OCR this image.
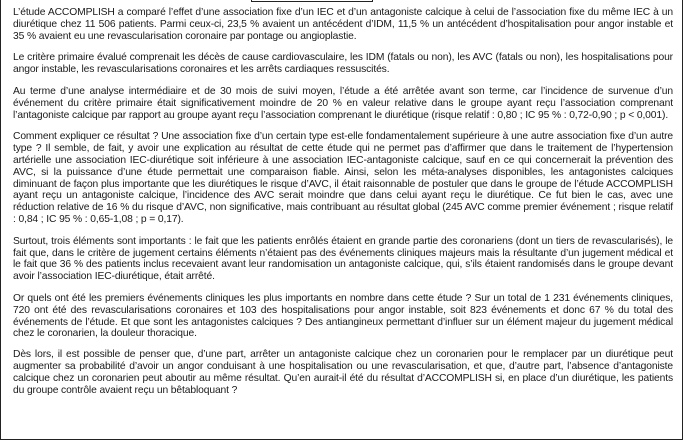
L’étude ACCOMPLISH a comparé l’effet d’une association fixe d’un IEC et d’un antagoniste calcique à celui de l’association fixe du même IEC à un diurétique chez 11 506 patients. Parmi ceux-ci, 23,5 % avaient un antécédent d’IDM, 11,5 % un antécédent d’hospitalisation pour angor instable et 35 % avaient eu une revascularisation coronaire par pontage ou angioplastie.

Le critère primaire évalué comprenait les décès de cause cardiovasculaire, les IDM (fatals ou non), les AVC (fatals ou non), les hospitalisations pour angor instable, les revascularisations coronaires et les arrêts cardiaques ressuscités.

Au terme d’une analyse intermédiaire et de 30 mois de suivi moyen, l’étude a été arrêtée avant son terme, car l’incidence de survenue d’un événement du critère primaire était significativement moindre de 20 % en valeur relative dans le groupe ayant reçu l’association comprenant l’antagoniste calcique par rapport au groupe ayant reçu l’association comprenant le diurétique (risque relatif : 0,80 ; IC 95 % : 0,72-0,90 ; p < 0,001).

Comment expliquer ce résultat ? Une association fixe d’un certain type est-elle fondamentalement supérieure à une autre association fixe d’un autre type ? Il semble, de fait, y avoir une explication au résultat de cette étude qui ne permet pas d’affirmer que dans le traitement de l’hypertension artérielle une association IEC-diurétique soit inférieure à une association IEC-antagoniste calcique, sauf en ce qui concernerait la prévention des AVC, si la puissance d’une étude permettait une comparaison fiable. Ainsi, selon les méta-analyses disponibles, les antagonistes calciques diminuant de façon plus importante que les diurétiques le risque d’AVC, il était raisonnable de postuler que dans le groupe de l’étude ACCOMPLISH ayant reçu un antagoniste calcique, l’incidence des AVC serait moindre que dans celui ayant reçu le diurétique. Ce fut bien le cas, avec une réduction relative de 16 % du risque d’AVC, non significative, mais contribuant au résultat global (245 AVC comme premier événement ; risque relatif : 0,84 ; IC 95 % : 0,65-1,08 ; p = 0,17).

Surtout, trois éléments sont importants : le fait que les patients enrôlés étaient en grande partie des coronariens (dont un tiers de revascularisés), le fait que, dans le critère de jugement certains éléments n’étaient pas des événements cliniques majeurs mais la résultante d’un jugement médical et le fait que 36 % des patients inclus recevaient avant leur randomisation un antagoniste calcique, qui, s’ils étaient randomisés dans le groupe devant avoir l’association IEC-diurétique, était arrêté.

Or quels ont été les premiers événements cliniques les plus importants en nombre dans cette étude ? Sur un total de 1 231 événements cliniques, 720 ont été des revascularisations coronaires et 103 des hospitalisations pour angor instable, soit 823 événements et donc 67 % du total des événements de l’étude. Et que sont les antagonistes calciques ? Des antiangineux permettant d’influer sur un élément majeur du jugement médical chez le coronarien, la douleur thoracique.

Dès lors, il est possible de penser que, d’une part, arrêter un antagoniste calcique chez un coronarien pour le remplacer par un diurétique peut augmenter sa probabilité d’avoir un angor conduisant à une hospitalisation ou une revascularisation, et que, d’autre part, l’absence d’antagoniste calcique chez un coronarien peut aboutir au même résultat. Qu’en aurait-il été du résultat d’ACCOMPLISH si, en place d’un diurétique, les patients du groupe contrôle avaient reçu un bêtabloquant ?
